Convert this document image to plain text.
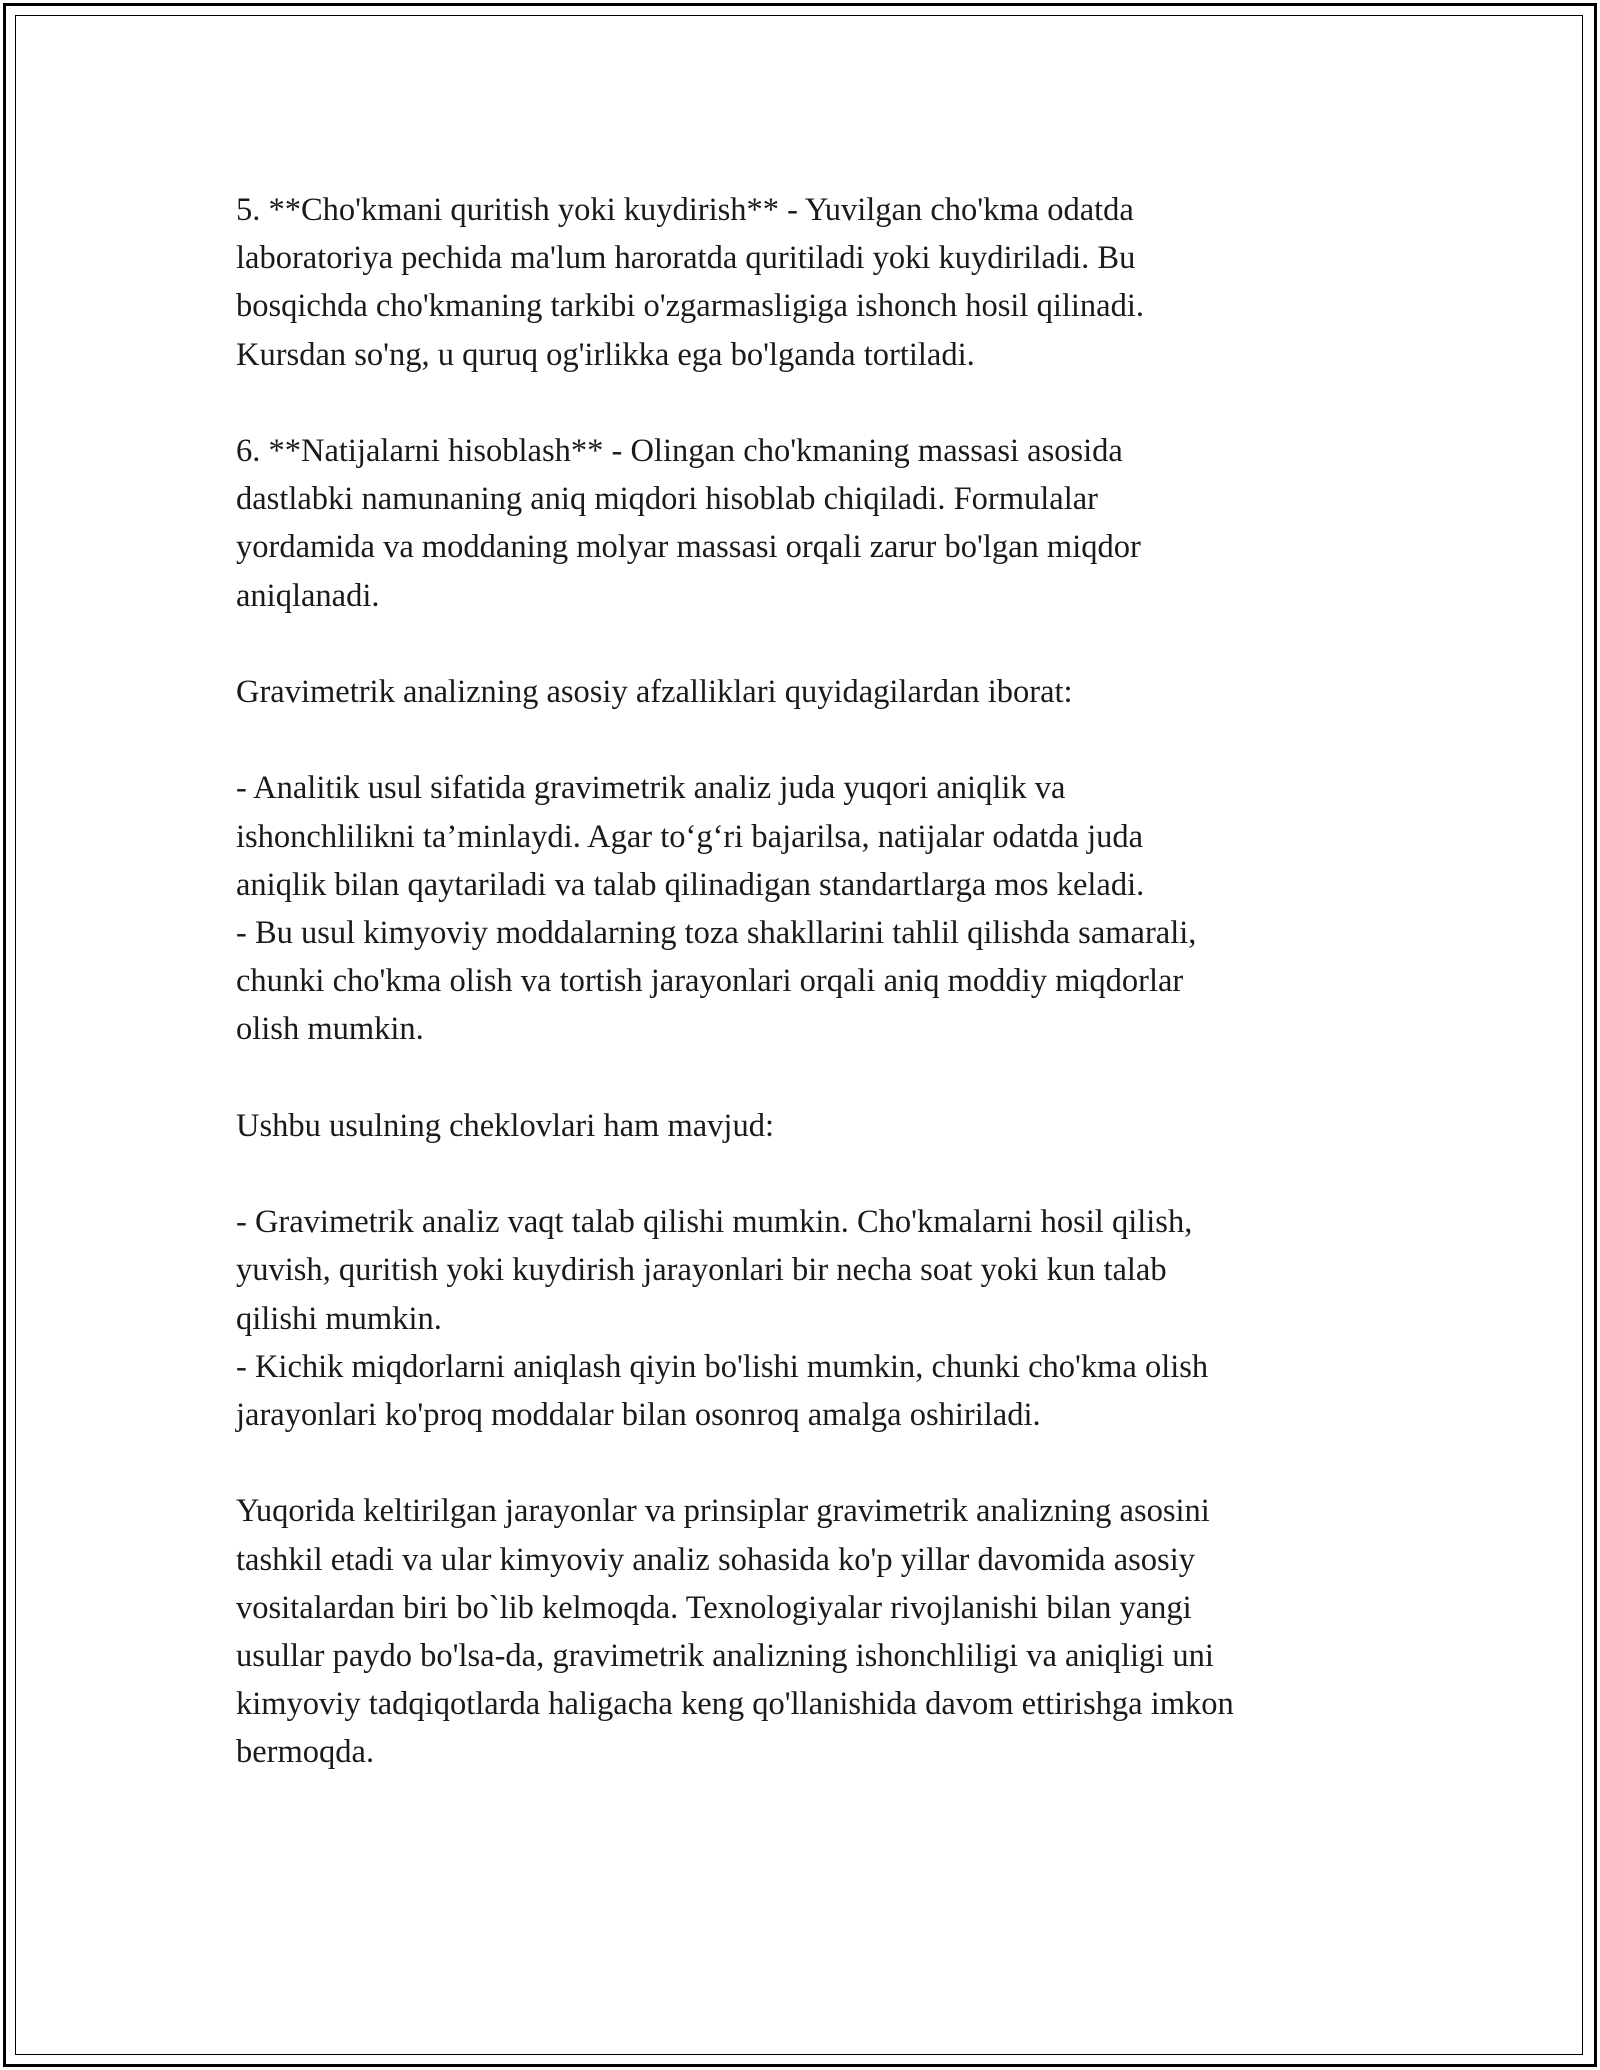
5. **Cho'kmani quritish yoki kuydirish** - Yuvilgan cho'kma odatda
laboratoriya pechida ma'lum haroratda quritiladi yoki kuydiriladi. Bu
bosqichda cho'kmaning tarkibi o'zgarmasligiga ishonch hosil qilinadi.
Kursdan so'ng, u quruq og'irlikka ega bo'lganda tortiladi.

6. **Natijalarni hisoblash** - Olingan cho'kmaning massasi asosida
dastlabki namunaning aniq miqdori hisoblab chiqiladi. Formulalar
yordamida va moddaning molyar massasi orqali zarur bo'lgan miqdor
aniqlanadi.

Gravimetrik analizning asosiy afzalliklari quyidagilardan iborat:

- Analitik usul sifatida gravimetrik analiz juda yuqori aniqlik va
ishonchlilikni ta’minlaydi. Agar to‘g‘ri bajarilsa, natijalar odatda juda
aniqlik bilan qaytariladi va talab qilinadigan standartlarga mos keladi.
- Bu usul kimyoviy moddalarning toza shakllarini tahlil qilishda samarali,
chunki cho'kma olish va tortish jarayonlari orqali aniq moddiy miqdorlar
olish mumkin.

Ushbu usulning cheklovlari ham mavjud:

- Gravimetrik analiz vaqt talab qilishi mumkin. Cho'kmalarni hosil qilish,
yuvish, quritish yoki kuydirish jarayonlari bir necha soat yoki kun talab
qilishi mumkin.
- Kichik miqdorlarni aniqlash qiyin bo'lishi mumkin, chunki cho'kma olish
jarayonlari ko'proq moddalar bilan osonroq amalga oshiriladi.

Yuqorida keltirilgan jarayonlar va prinsiplar gravimetrik analizning asosini
tashkil etadi va ular kimyoviy analiz sohasida ko'p yillar davomida asosiy
vositalardan biri bo`lib kelmoqda. Texnologiyalar rivojlanishi bilan yangi
usullar paydo bo'lsa-da, gravimetrik analizning ishonchliligi va aniqligi uni
kimyoviy tadqiqotlarda haligacha keng qo'llanishida davom ettirishga imkon
bermoqda.
